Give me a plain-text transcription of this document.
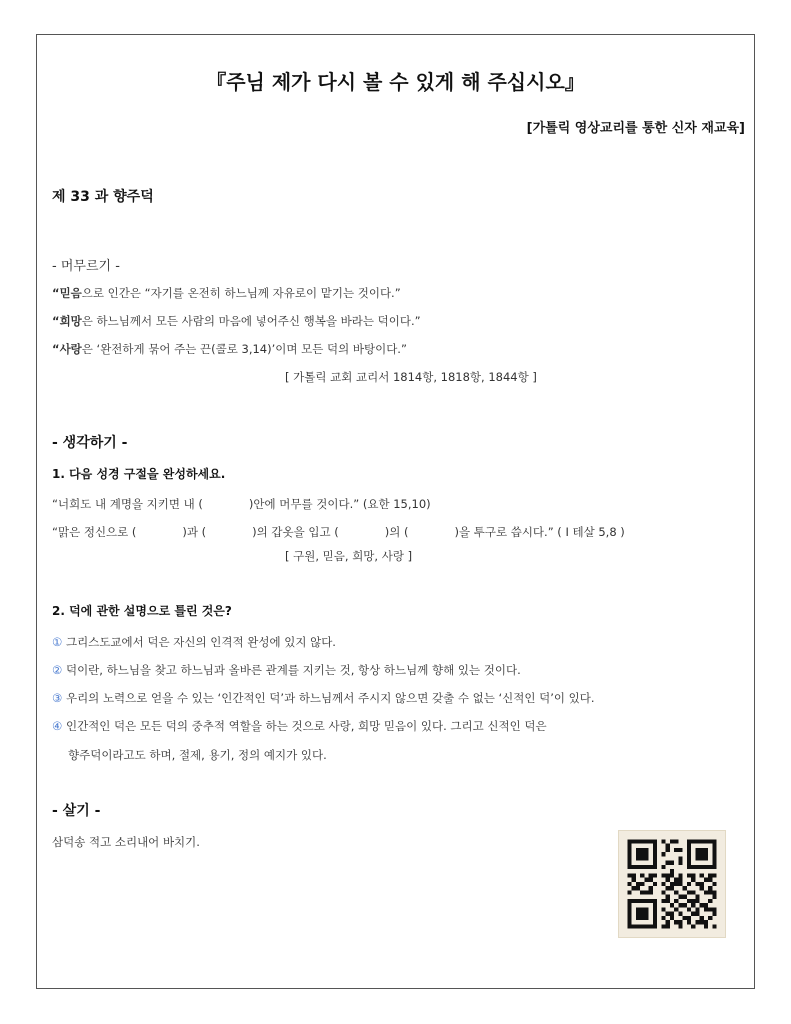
『주님 제가 다시 볼 수 있게 해 주십시오』
[가톨릭 영상교리를 통한 신자 재교육]
제 33 과 향주덕
- 머무르기 -
“믿음으로 인간은 “자기를 온전히 하느님께 자유로이 맡기는 것이다.”
“희망은 하느님께서 모든 사람의 마음에 넣어주신 행복을 바라는 덕이다.”
“사랑은 ‘완전하게 묶어 주는 끈(콜로 3,14)’이며 모든 덕의 바탕이다.”
[ 가톨릭 교회 교리서 1814항, 1818항, 1844항 ]
- 생각하기 -
1. 다음 성경 구절을 완성하세요.
“너희도 내 계명을 지키면 내 (　　　　)안에 머무를 것이다.” (요한 15,10)
“맑은 정신으로 (　　　　)과 (　　　　)의 갑옷을 입고 (　　　　)의 (　　　　)을 투구로 씁시다.” ( I 테살 5,8 )
[ 구원, 믿음, 희망, 사랑 ]
2. 덕에 관한 설명으로 틀린 것은?
① 그리스도교에서 덕은 자신의 인격적 완성에 있지 않다.
② 덕이란, 하느님을 찾고 하느님과 올바른 관계를 지키는 것, 항상 하느님께 향해 있는 것이다.
③ 우리의 노력으로 얻을 수 있는 ‘인간적인 덕’과 하느님께서 주시지 않으면 갖출 수 없는 ‘신적인 덕’이 있다.
④ 인간적인 덕은 모든 덕의 중추적 역할을 하는 것으로 사랑, 희망 믿음이 있다. 그리고 신적인 덕은
향주덕이라고도 하며, 절제, 용기, 정의 예지가 있다.
- 살기 -
삼덕송 적고 소리내어 바치기.
